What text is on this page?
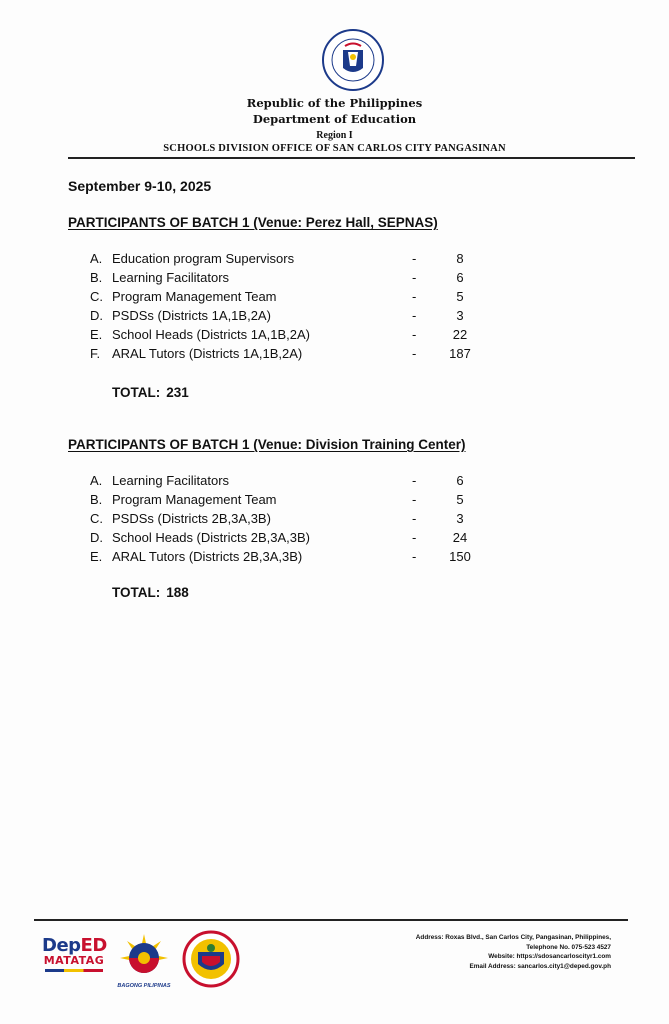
Republic of the Philippines
Department of Education
Region I
SCHOOLS DIVISION OFFICE OF SAN CARLOS CITY PANGASINAN
September 9-10, 2025
PARTICIPANTS OF BATCH 1 (Venue: Perez Hall, SEPNAS)
A. Education program Supervisors	-	8
B. Learning Facilitators	-	6
C. Program Management Team	-	5
D. PSDSs (Districts 1A,1B,2A)	-	3
E. School Heads (Districts 1A,1B,2A)	-	22
F. ARAL Tutors (Districts 1A,1B,2A)	-	187
TOTAL: 231
PARTICIPANTS OF BATCH 1 (Venue: Division Training Center)
A. Learning Facilitators	-	6
B. Program Management Team	-	5
C. PSDSs (Districts 2B,3A,3B)	-	3
D. School Heads (Districts 2B,3A,3B)	-	24
E. ARAL Tutors (Districts 2B,3A,3B)	-	150
TOTAL: 188
DepED
MATATAG
BAGONG PILIPINAS
Address: Roxas Blvd., San Carlos City, Pangasinan, Philippines,
Telephone No. 075-523 4527
Website: https://sdosancarloscityr1.com
Email Address: sancarlos.city1@deped.gov.ph
